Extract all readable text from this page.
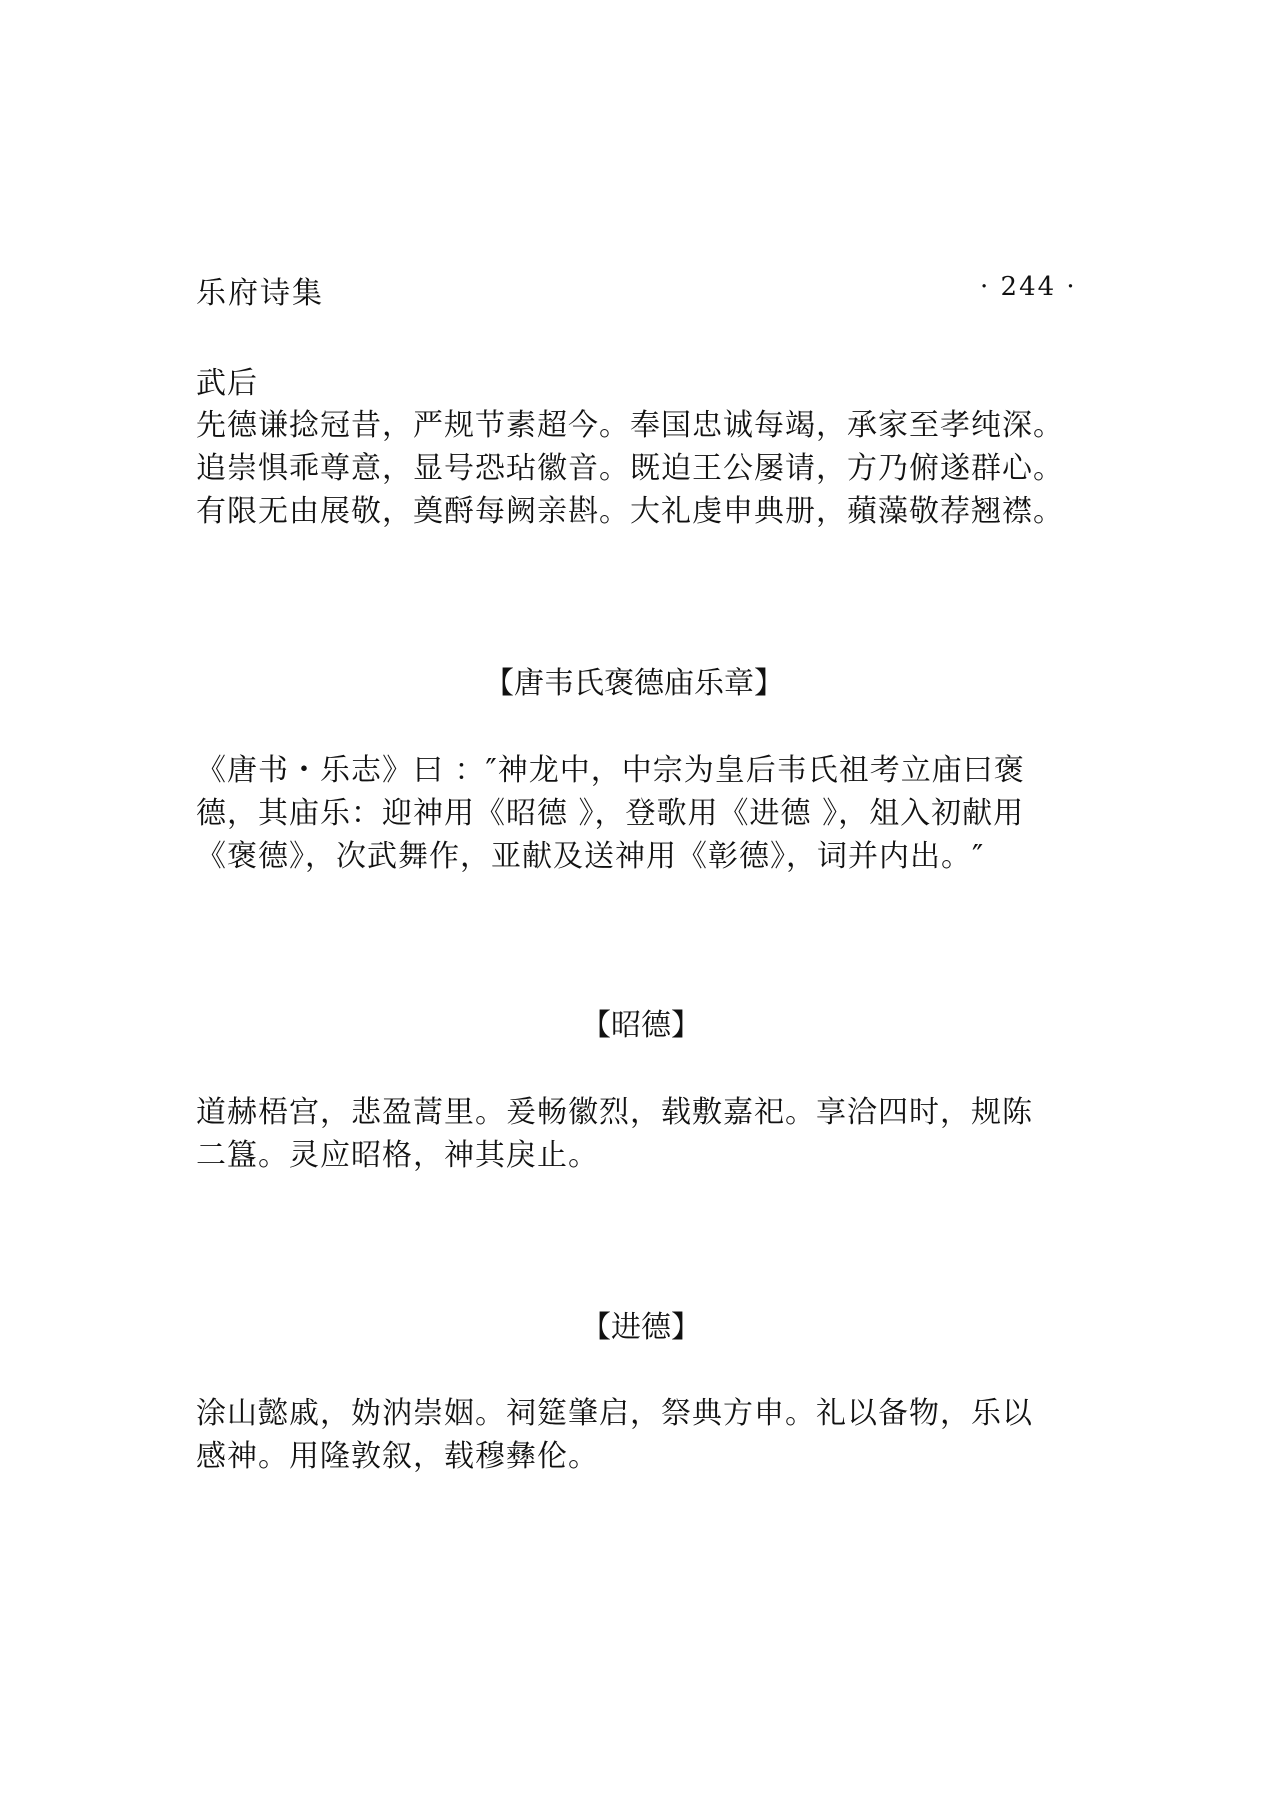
乐府诗集	· 244 ·
武后
先德谦捻冠昔，严规节素超今。奉国忠诚每竭，承家至孝纯深。
追崇惧乖尊意，显号恐玷徽音。既迫王公屡请，方乃俯遂群心。
有限无由展敬，奠酹每阙亲斟。大礼虔申典册，蘋藻敬荐翘襟。
【唐韦氏褒德庙乐章】
《唐书・乐志》曰 ：″神龙中，中宗为皇后韦氏祖考立庙曰褒
德，其庙乐：迎神用《昭德 》，登歌用《进德 》，俎入初献用
《褒德》，次武舞作，亚献及送神用《彰德》，词并内出。″
【昭德】
道赫梧宫，悲盈蒿里。爰畅徽烈，载敷嘉祀。享洽四时，规陈
二簋。灵应昭格，神其戾止。
【进德】
涂山懿戚，妫汭崇姻。祠筵肇启，祭典方申。礼以备物，乐以
感神。用隆敦叙，载穆彝伦。
